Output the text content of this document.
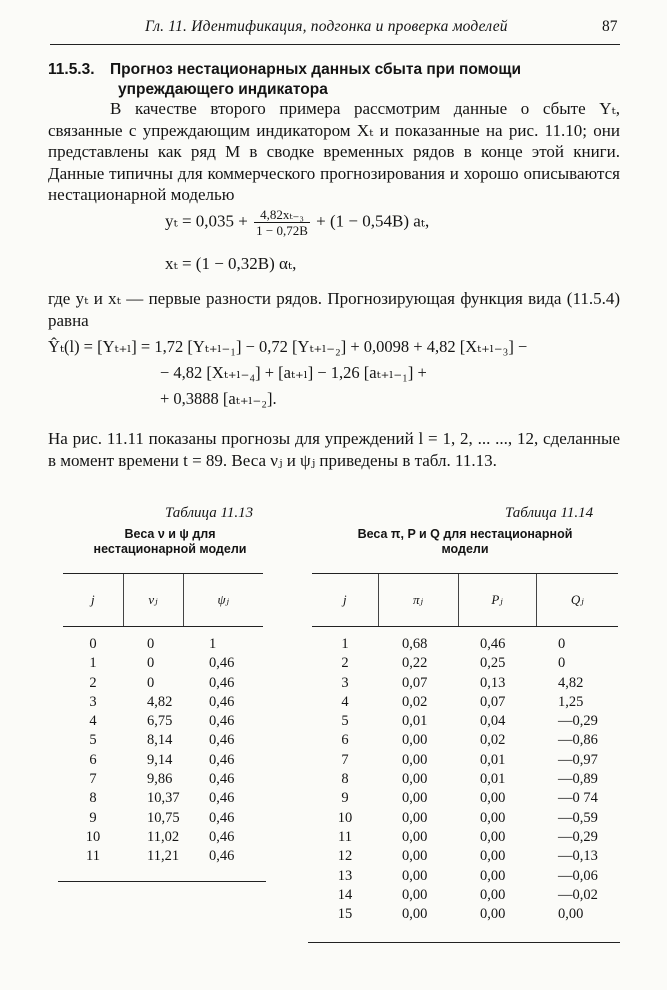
Гл. 11. Идентификация, подгонка и проверка моделей	87
11.5.3. Прогноз нестационарных данных сбыта при помощи
упреждающего индикатора

В качестве второго примера рассмотрим данные о сбыте Yₜ, связанные с упреждающим индикатором Xₜ и показанные на рис. 11.10; они представлены как ряд M в сводке временных рядов в конце этой книги. Данные типичны для коммерческого прогнозирования и хорошо описываются нестационарной моделью

$y_t = 0,035 + \frac{\text{4,82xₜ₋₃}}{1 - 0,72B} + (1 - 0,54B)$ aₜ,
xₜ = (1 − 0,32B) αₜ,

где yₜ и xₜ — первые разности рядов. Прогнозирующая функция вида (11.5.4) равна

Ŷₜ(l) = [Yₜ₊ₗ] = 1,72 [Yₜ₊ₗ₋₁] − 0,72 [Yₜ₊ₗ₋₂] + 0,0098 + 4,82 [Xₜ₊ₗ₋₃] −
− 4,82 [Xₜ₊ₗ₋₄] + [aₜ₊ₗ] − 1,26 [aₜ₊ₗ₋₁] +
+ 0,3888 [aₜ₊ₗ₋₂].

На рис. 11.11 показаны прогнозы для упреждений l = 1, 2, ... ..., 12, сделанные в момент времени t = 89. Веса νⱼ и ψⱼ приведены в табл. 11.13.

Таблица 11.13
Веса ν и ψ для
нестационарной модели
Таблица 11.14
Веса π, P и Q для нестационарной
модели
j	νⱼ	ψⱼ

0	0	1
1	0	0,46
2	0	0,46
3	4,82	0,46
4	6,75	0,46
5	8,14	0,46
6	9,14	0,46
7	9,86	0,46
8	10,37	0,46
9	10,75	0,46
10	11,02	0,46
11	11,21	0,46
j	πⱼ	Pⱼ	Qⱼ

1	0,68	0,46	0
2	0,22	0,25	0
3	0,07	0,13	4,82
4	0,02	0,07	1,25
5	0,01	0,04	—0,29
6	0,00	0,02	—0,86
7	0,00	0,01	—0,97
8	0,00	0,01	—0,89
9	0,00	0,00	—0 74
10	0,00	0,00	—0,59
11	0,00	0,00	—0,29
12	0,00	0,00	—0,13
13	0,00	0,00	—0,06
14	0,00	0,00	—0,02
15	0,00	0,00	0,00
